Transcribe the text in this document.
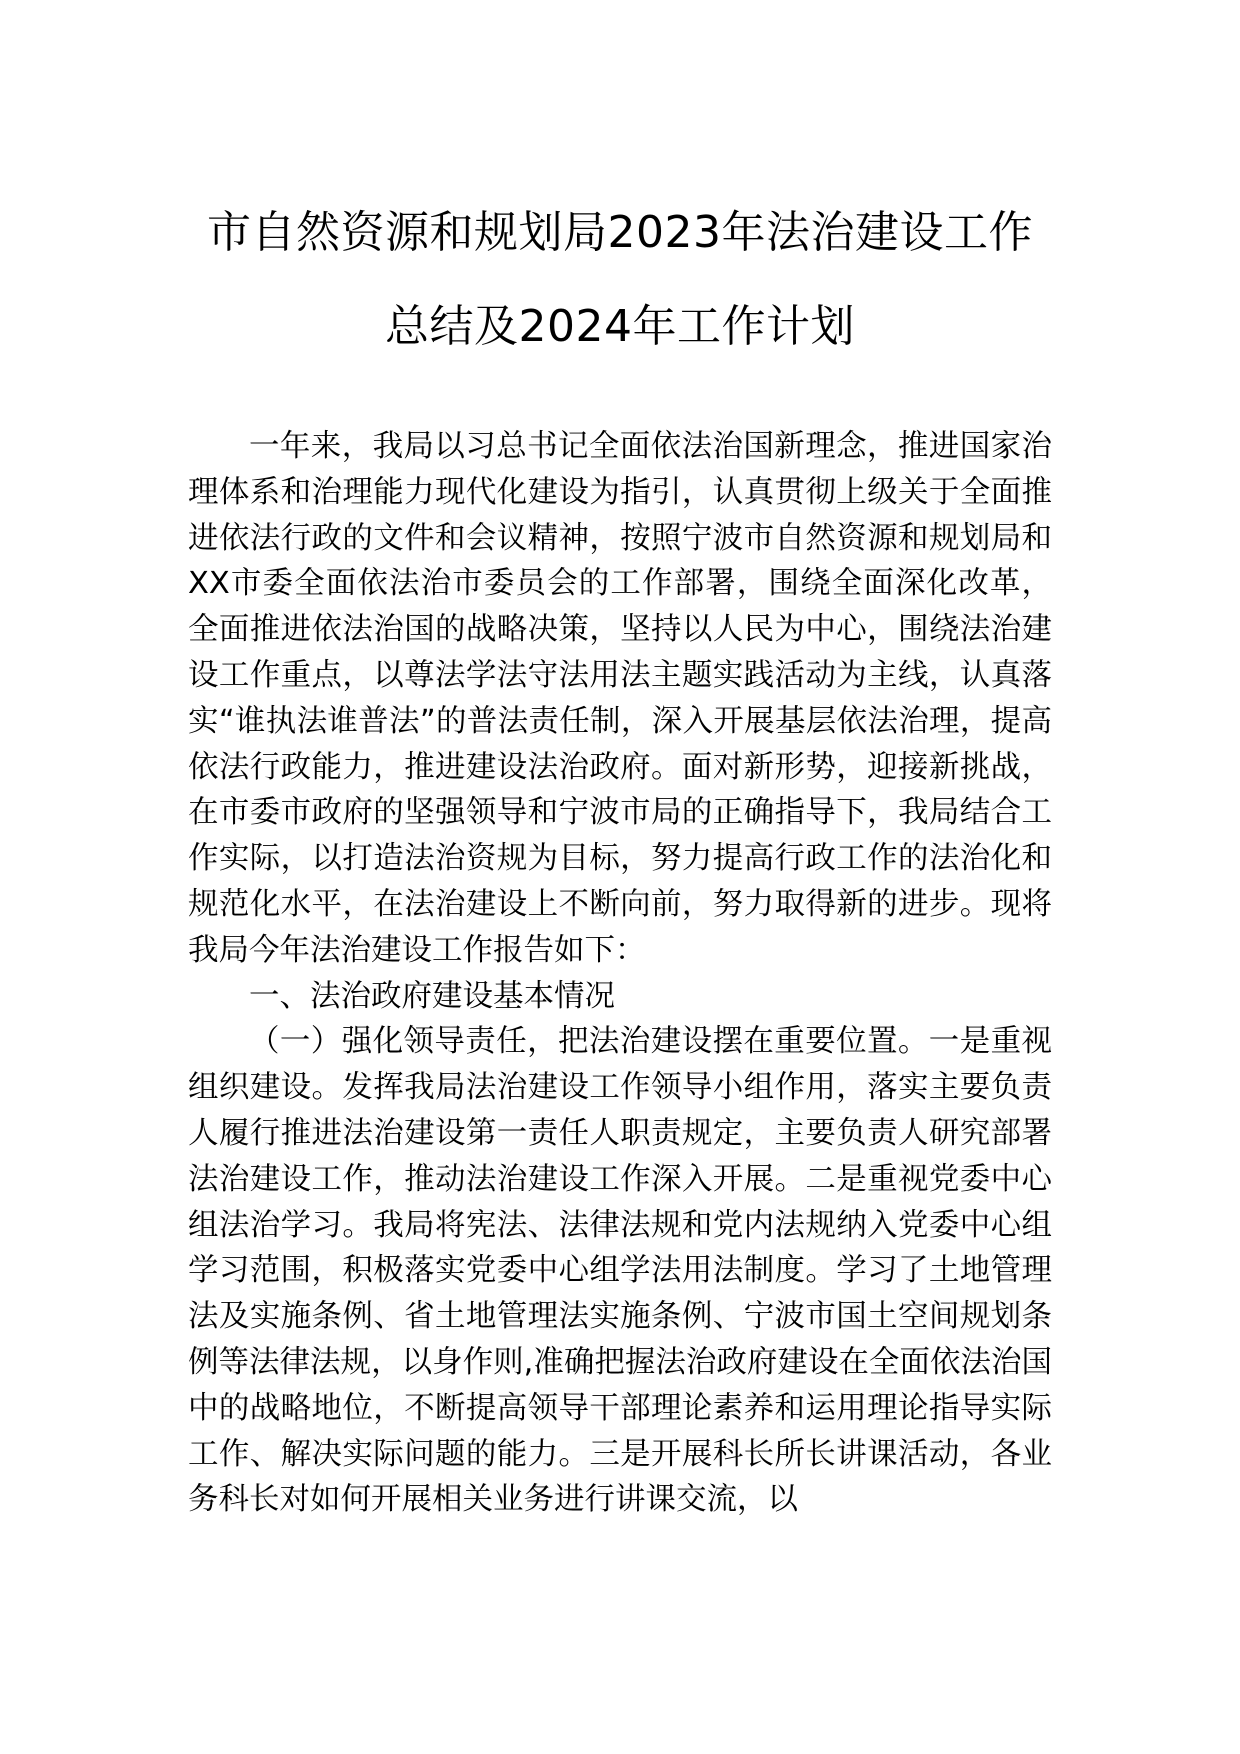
市自然资源和规划局2023年法治建设工作
总结及2024年工作计划

一年来，我局以习总书记全面依法治国新理念，推进国家治理体系和治理能力现代化建设为指引，认真贯彻上级关于全面推进依法行政的文件和会议精神，按照宁波市自然资源和规划局和XX市委全面依法治市委员会的工作部署，围绕全面深化改革，全面推进依法治国的战略决策，坚持以人民为中心，围绕法治建设工作重点，以尊法学法守法用法主题实践活动为主线，认真落实“谁执法谁普法”的普法责任制，深入开展基层依法治理，提高依法行政能力，推进建设法治政府。面对新形势，迎接新挑战，在市委市政府的坚强领导和宁波市局的正确指导下，我局结合工作实际，以打造法治资规为目标，努力提高行政工作的法治化和规范化水平，在法治建设上不断向前，努力取得新的进步。现将我局今年法治建设工作报告如下：

一、法治政府建设基本情况

（一）强化领导责任，把法治建设摆在重要位置。一是重视组织建设。发挥我局法治建设工作领导小组作用，落实主要负责人履行推进法治建设第一责任人职责规定，主要负责人研究部署法治建设工作，推动法治建设工作深入开展。二是重视党委中心组法治学习。我局将宪法、法律法规和党内法规纳入党委中心组学习范围，积极落实党委中心组学法用法制度。学习了土地管理法及实施条例、省土地管理法实施条例、宁波市国土空间规划条例等法律法规，以身作则,准确把握法治政府建设在全面依法治国中的战略地位，不断提高领导干部理论素养和运用理论指导实际工作、解决实际问题的能力。三是开展科长所长讲课活动，各业务科长对如何开展相关业务进行讲课交流，以
